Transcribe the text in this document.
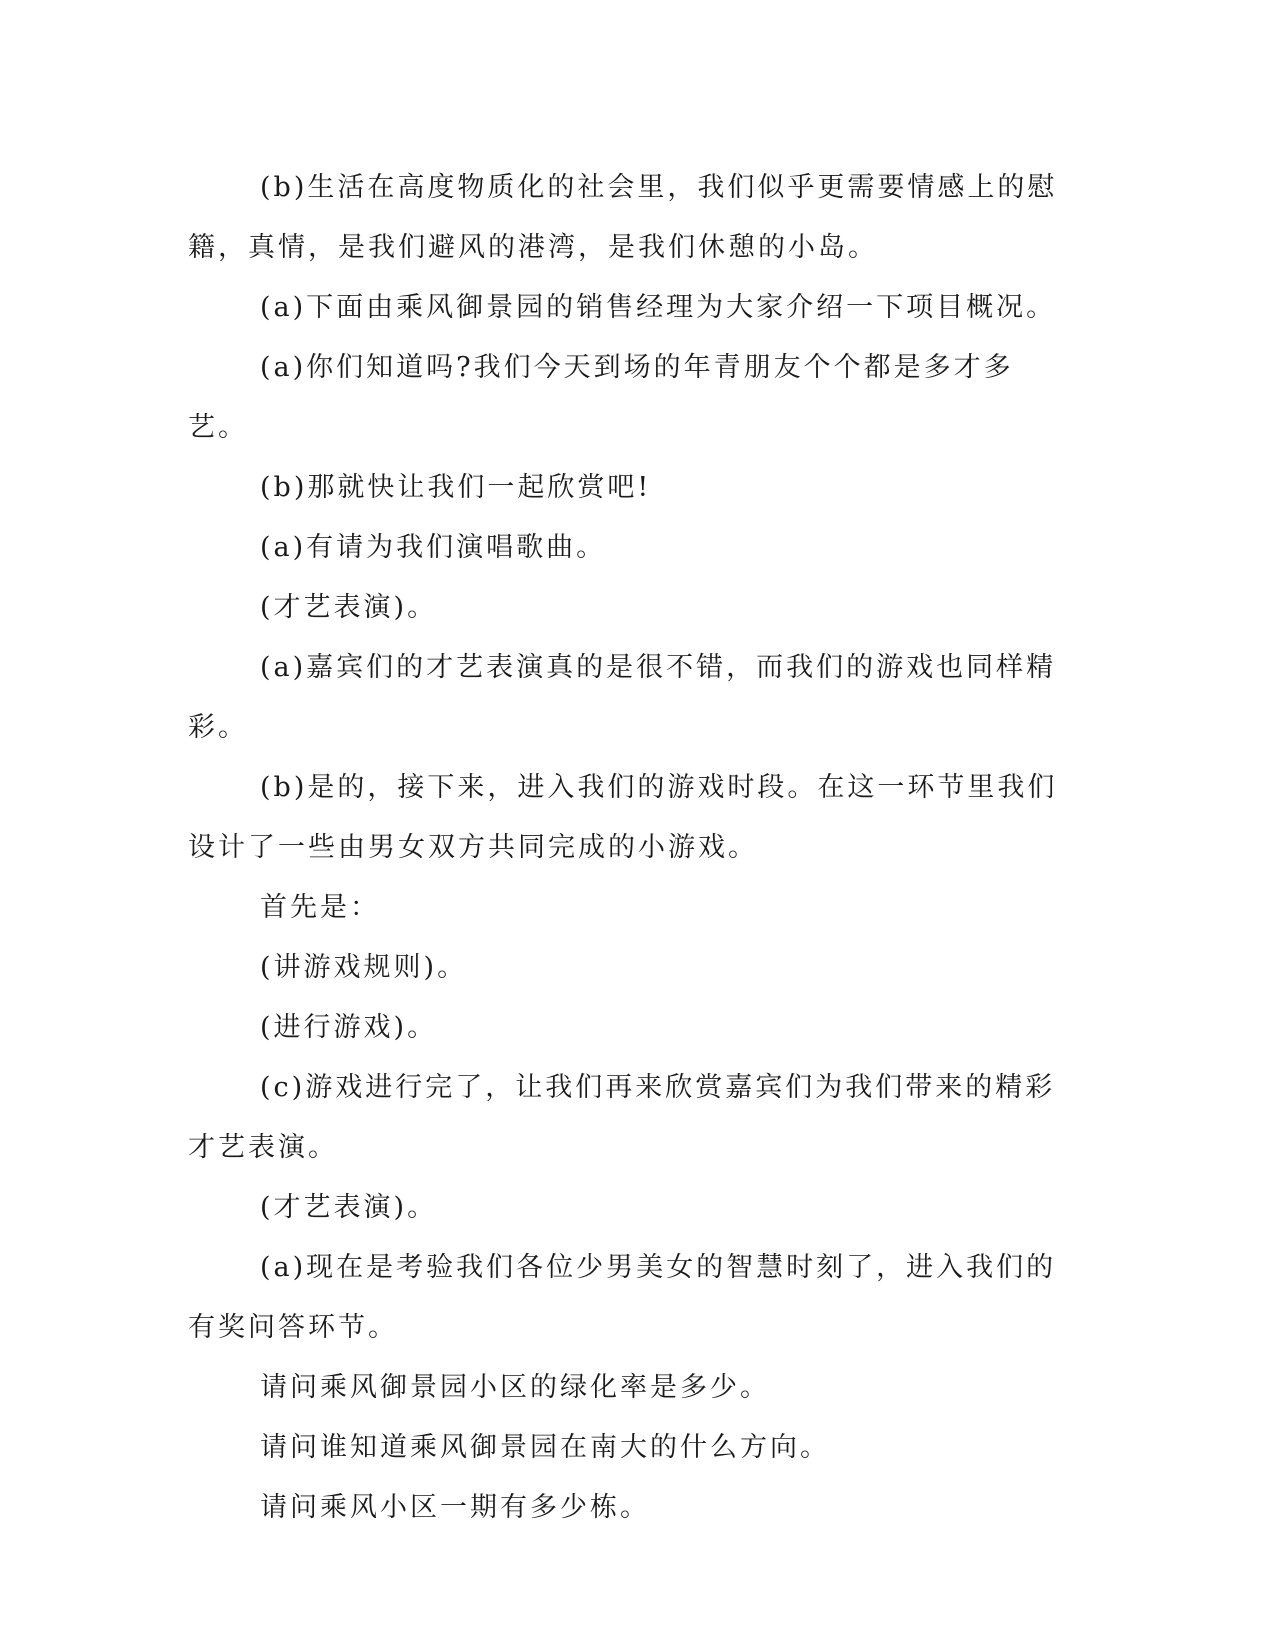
(b)生活在高度物质化的社会里，我们似乎更需要情感上的慰籍，真情，是我们避风的港湾，是我们休憩的小岛。

(a)下面由乘风御景园的销售经理为大家介绍一下项目概况。

(a)你们知道吗?我们今天到场的年青朋友个个都是多才多艺。

(b)那就快让我们一起欣赏吧!

(a)有请为我们演唱歌曲。

(才艺表演)。

(a)嘉宾们的才艺表演真的是很不错，而我们的游戏也同样精彩。

(b)是的，接下来，进入我们的游戏时段。在这一环节里我们设计了一些由男女双方共同完成的小游戏。

首先是：

(讲游戏规则)。

(进行游戏)。

(c)游戏进行完了，让我们再来欣赏嘉宾们为我们带来的精彩才艺表演。

(才艺表演)。

(a)现在是考验我们各位少男美女的智慧时刻了，进入我们的有奖问答环节。

请问乘风御景园小区的绿化率是多少。

请问谁知道乘风御景园在南大的什么方向。

请问乘风小区一期有多少栋。
